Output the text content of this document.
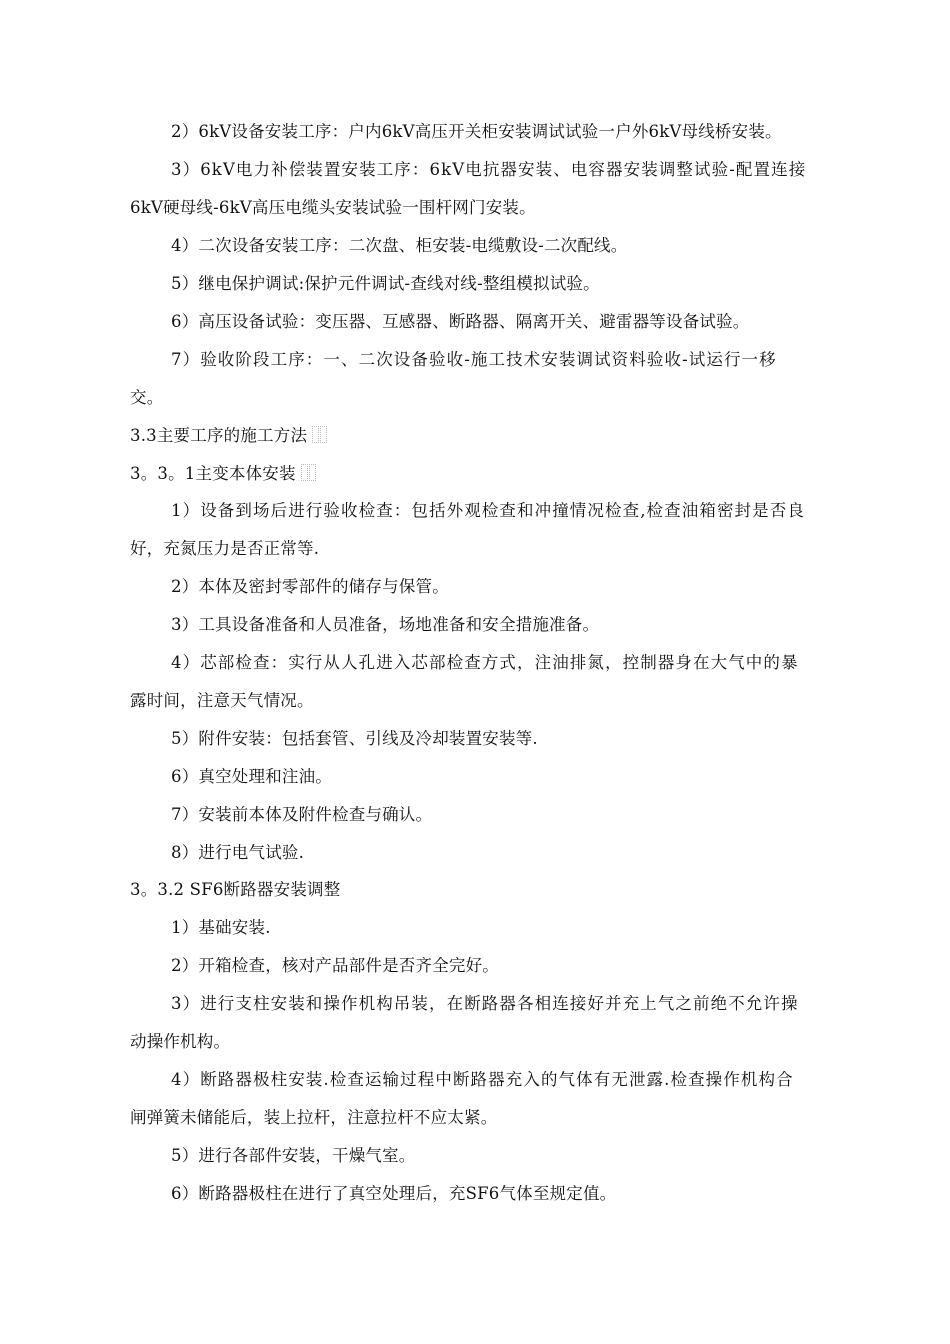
2）6kV设备安装工序：户内6kV高压开关柜安装调试试验一户外6kV母线桥安装。
3）6kV电力补偿装置安装工序：6kV电抗器安装、电容器安装调整试验-配置连接
6kV硬母线-6kV高压电缆头安装试验一围杆网门安装。
4）二次设备安装工序：二次盘、柜安装-电缆敷设-二次配线。
5）继电保护调试:保护元件调试-查线对线-整组模拟试验。
6）高压设备试验：变压器、互感器、断路器、隔离开关、避雷器等设备试验。
7）验收阶段工序：一、二次设备验收-施工技术安装调试资料验收-试运行一移
交。
3.3主要工序的施工方法
3。3。1主变本体安装
1）设备到场后进行验收检查：包括外观检查和冲撞情况检查,检查油箱密封是否良
好，充氮压力是否正常等.
2）本体及密封零部件的储存与保管。
3）工具设备准备和人员准备，场地准备和安全措施准备。
4）芯部检查：实行从人孔进入芯部检查方式，注油排氮，控制器身在大气中的暴
露时间，注意天气情况。
5）附件安装：包括套管、引线及冷却装置安装等.
6）真空处理和注油。
7）安装前本体及附件检查与确认。
8）进行电气试验.
3。3.2 SF6断路器安装调整
1）基础安装.
2）开箱检查，核对产品部件是否齐全完好。
3）进行支柱安装和操作机构吊装，在断路器各相连接好并充上气之前绝不允许操
动操作机构。
4）断路器极柱安装.检查运输过程中断路器充入的气体有无泄露.检查操作机构合
闸弹簧未储能后，装上拉杆，注意拉杆不应太紧。
5）进行各部件安装，干燥气室。
6）断路器极柱在进行了真空处理后，充SF6气体至规定值。
